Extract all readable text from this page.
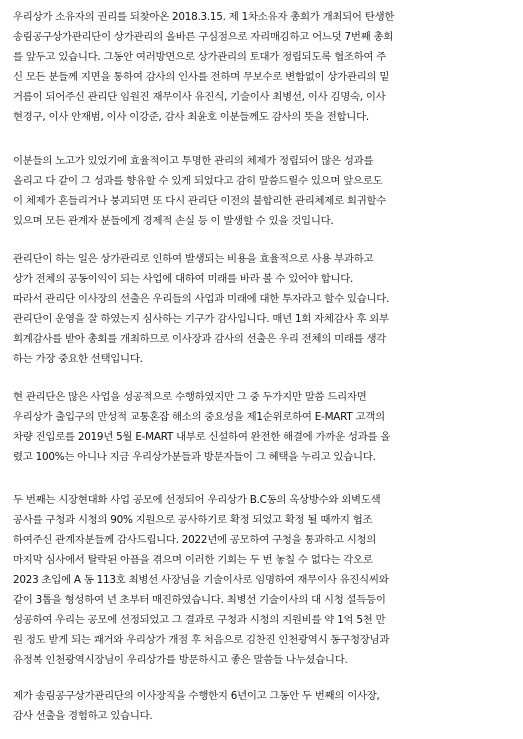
우리상가 소유자의 권리를 되찾아온 2018.3.15. 제 1차소유자 총회가 개최되어 탄생한
송림공구상가관리단이 상가관리의 올바른 구심점으로 자리매김하고 어느덧 7번째 총회
를 앞두고 있습니다. 그동안 여러방면으로 상가관리의 토대가 정립되도록 협조하여 주
신 모든 분들께 지면을 통하여 감사의 인사를 전하며 무보수로 변함없이 상가관리의 밑
거름이 되어주신 관리단 임원진 재무이사 유진식, 기술이사 최병선, 이사 김명숙, 이사
현경구, 이사 안재범, 이사 이강준, 감사 최윤호 이분들께도 감사의 뜻을 전합니다.
이분들의 노고가 있었기에 효율적이고 투명한 관리의 체제가 정립되어 많은 성과를
올리고 다 같이 그 성과를 향유할 수 있게 되었다고 감히 말씀드릴수 있으며 앞으로도
이 체제가 흔들리거나 붕괴되면 또 다시 관리단 이전의 불합리한 관리체제로 회귀할수
있으며 모든 관계자 분들에게 경제적 손실 등 이 발생할 수 있을 것입니다.
관리단이 하는 일은 상가관리로 인하여 발생되는 비용을 효율적으로 사용 부과하고
상가 전체의 공동이익이 되는 사업에 대하여 미래를 바라 볼 수 있어야 합니다.
따라서 관리단 이사장의 선출은 우리들의 사업과 미래에 대한 투자라고 할수 있습니다.
관리단이 운영을 잘 하였는지 심사하는 기구가 감사입니다. 매년 1회 자체감사 후 외부
회계감사를 받아 총회를 개최하므로 이사장과 감사의 선출은 우리 전체의 미래를 생각
하는 가장 중요한 선택입니다.
현 관리단은 많은 사업을 성공적으로 수행하였지만 그 중 두가지만 말씀 드리자면
우리상가 출입구의 만성적 교통혼잡 해소의 중요성을 제1순위로하여 E-MART 고객의
차량 진입로를 2019년 5월 E-MART 내부로 신설하여 완전한 해결에 가까운 성과를 올
렸고 100%는 아니나 지금 우리상가분들과 방문자들이 그 혜택을 누리고 있습니다.
두 번째는 시장현대화 사업 공모에 선정되어 우리상가 B.C동의 옥상방수와 외벽도색
공사를 구청과 시청의 90% 지원으로 공사하기로 확정 되었고 확정 될 때까지 협조
하여주신 관계자분들께 감사드립니다. 2022년에 공모하여 구청을 통과하고 시청의
마지막 심사에서 탈락된 아픔을 겪으며 이러한 기회는 두 번 놓칠 수 없다는 각오로
2023 초입에 A 동 113호 최병선 사장님을 기술이사로 임명하여 재무이사 유진식씨와
같이 3톱을 형성하여 년 초부터 매진하였습니다. 최병선 기술이사의 대 시청 설득등이
성공하여 우리는 공모에 선정되었고 그 결과로 구청과 시청의 지원비를 약 1억 5천 만
원 정도 받게 되는 쾌거와 우리상가 개점 후 처음으로 김찬진 인천광역시 동구청장님과
유정복 인천광역시장님이 우리상가를 방문하시고 좋은 말씀들 나누셨습니다.
제가 송림공구상가관리단의 이사장직을 수행한지 6년이고 그동안 두 번째의 이사장,
감사 선출을 경험하고 있습니다.
